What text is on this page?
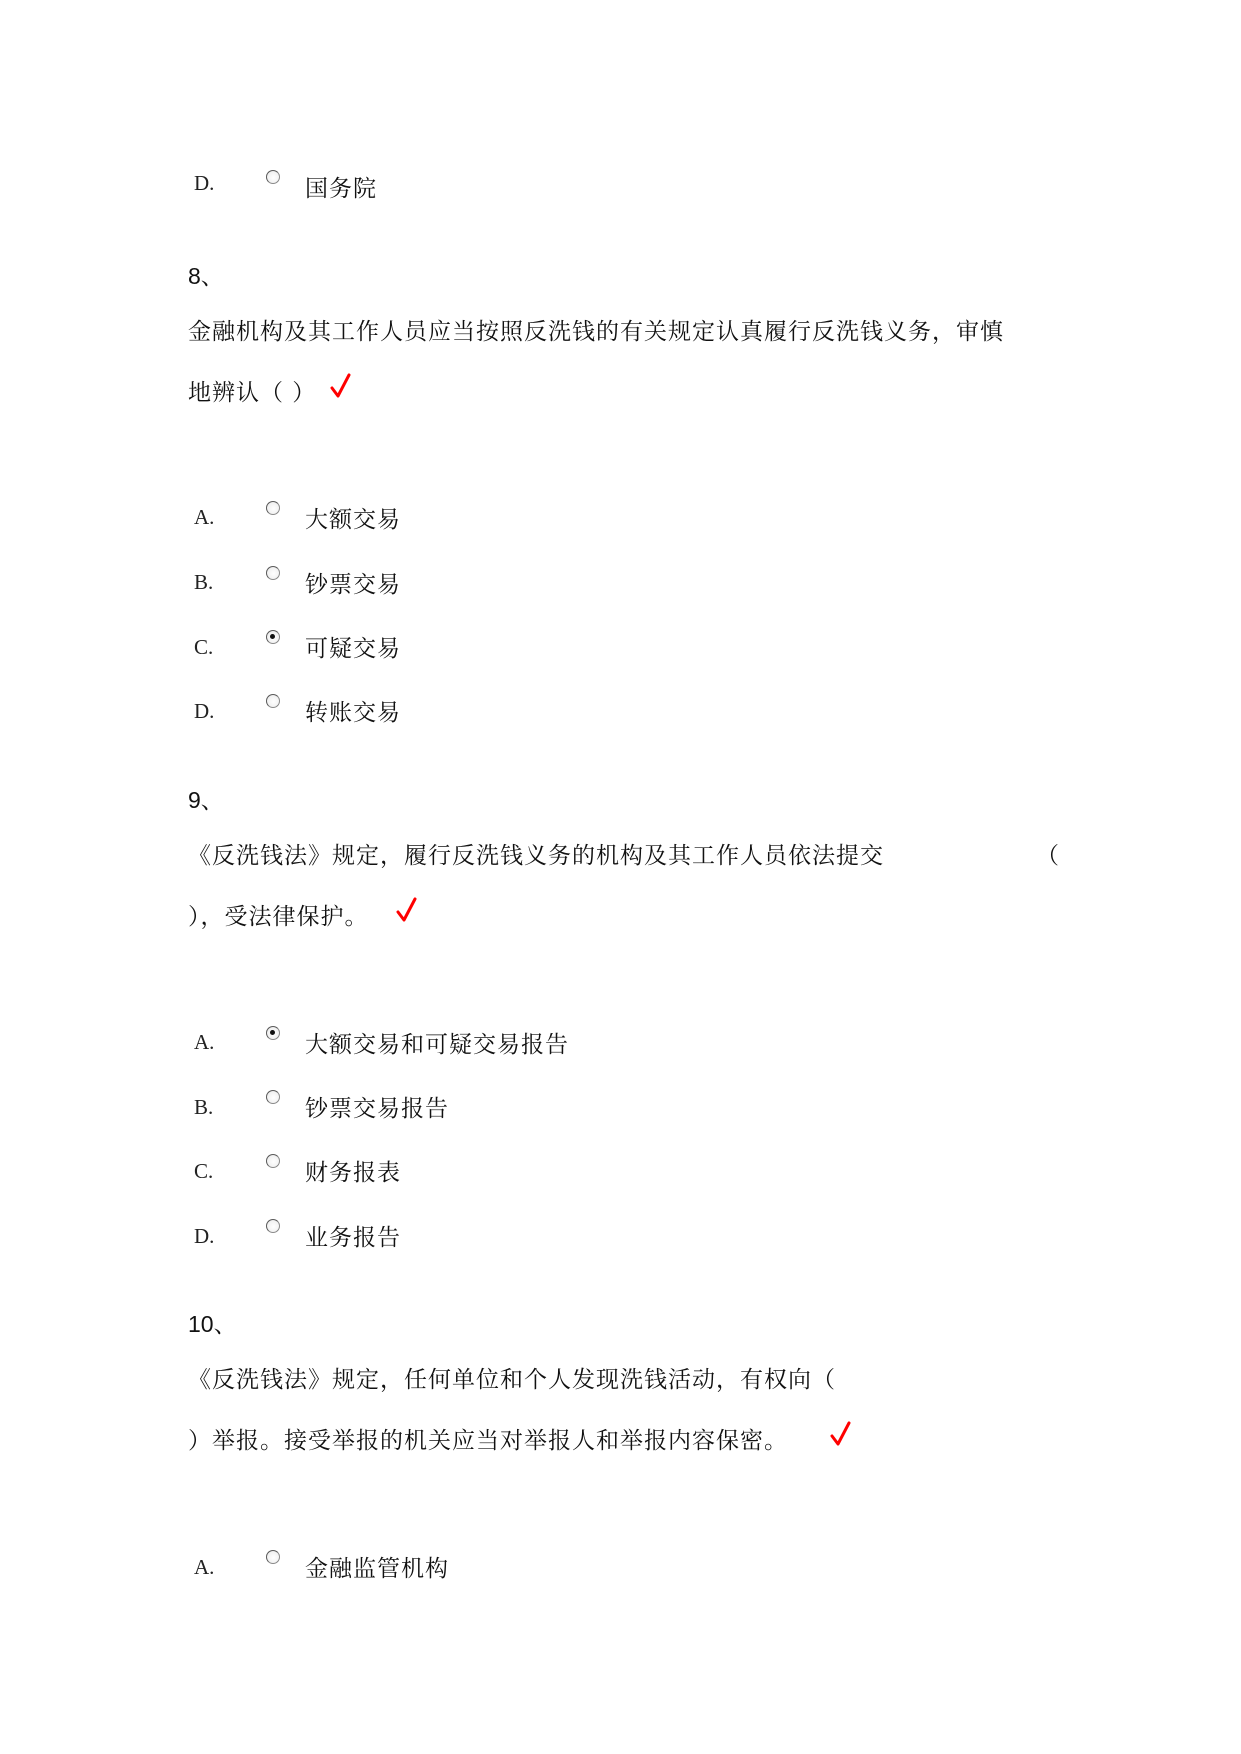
D.	国务院
8、
金融机构及其工作人员应当按照反洗钱的有关规定认真履行反洗钱义务，审慎
地辨认（ ）
A.	大额交易
B.	钞票交易
C.	可疑交易
D.	转账交易
9、
《反洗钱法》规定，履行反洗钱义务的机构及其工作人员依法提交	（
），受法律保护。
A.	大额交易和可疑交易报告
B.	钞票交易报告
C.	财务报表
D.	业务报告
10、
《反洗钱法》规定，任何单位和个人发现洗钱活动，有权向（
）举报。接受举报的机关应当对举报人和举报内容保密。
A.	金融监管机构
